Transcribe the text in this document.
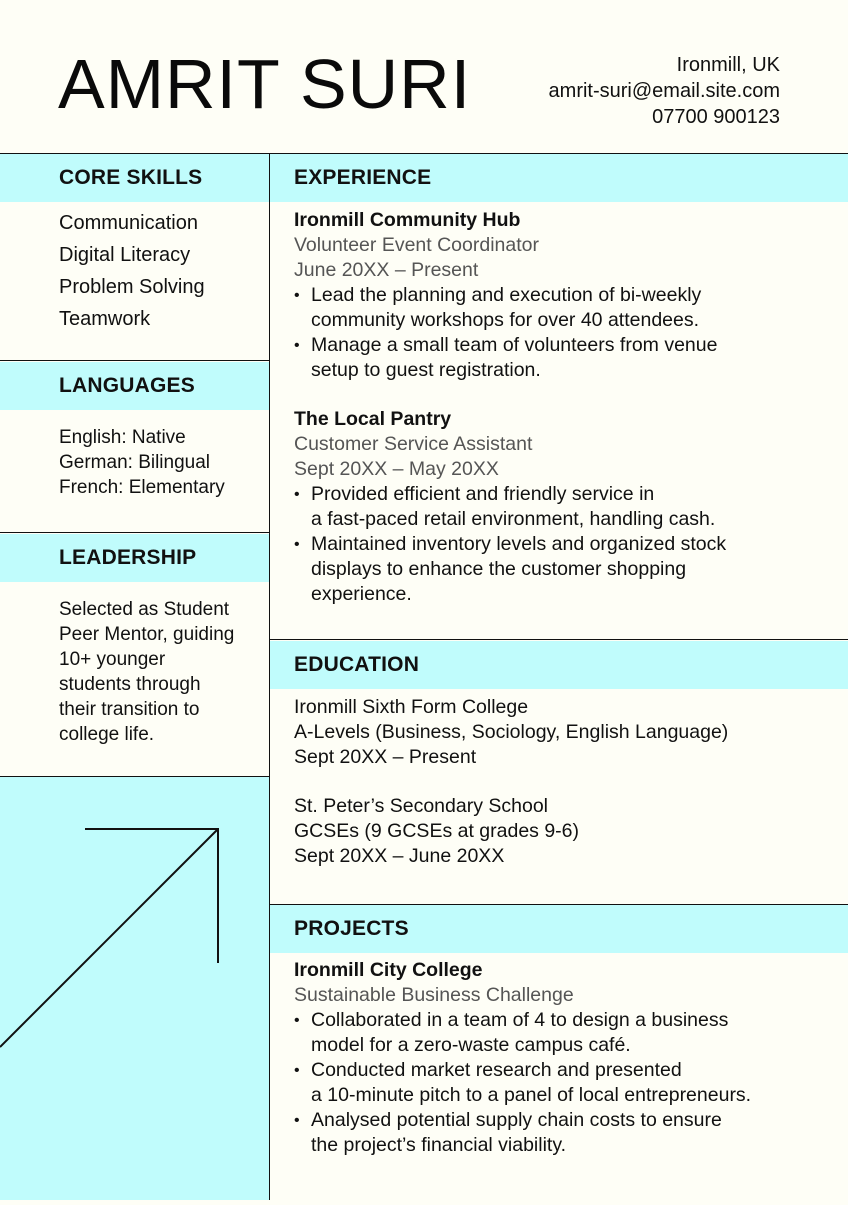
AMRIT SURI	Ironmill, UK
amrit-suri@email.site.com
07700 900123
CORE SKILLS
Communication
Digital Literacy
Problem Solving
Teamwork
LANGUAGES
English: Native
German: Bilingual
French: Elementary
LEADERSHIP
Selected as Student
Peer Mentor, guiding
10+ younger
students through
their transition to
college life.
EXPERIENCE
Ironmill Community Hub
Volunteer Event Coordinator
June 20XX – Present
• Lead the planning and execution of bi-weekly
community workshops for over 40 attendees.
• Manage a small team of volunteers from venue
setup to guest registration.
The Local Pantry
Customer Service Assistant
Sept 20XX – May 20XX
• Provided efficient and friendly service in
a fast-paced retail environment, handling cash.
• Maintained inventory levels and organized stock
displays to enhance the customer shopping
experience.
EDUCATION
Ironmill Sixth Form College
A-Levels (Business, Sociology, English Language)
Sept 20XX – Present
St. Peter’s Secondary School
GCSEs (9 GCSEs at grades 9-6)
Sept 20XX – June 20XX
PROJECTS
Ironmill City College
Sustainable Business Challenge
• Collaborated in a team of 4 to design a business
model for a zero-waste campus café.
• Conducted market research and presented
a 10-minute pitch to a panel of local entrepreneurs.
• Analysed potential supply chain costs to ensure
the project’s financial viability.
